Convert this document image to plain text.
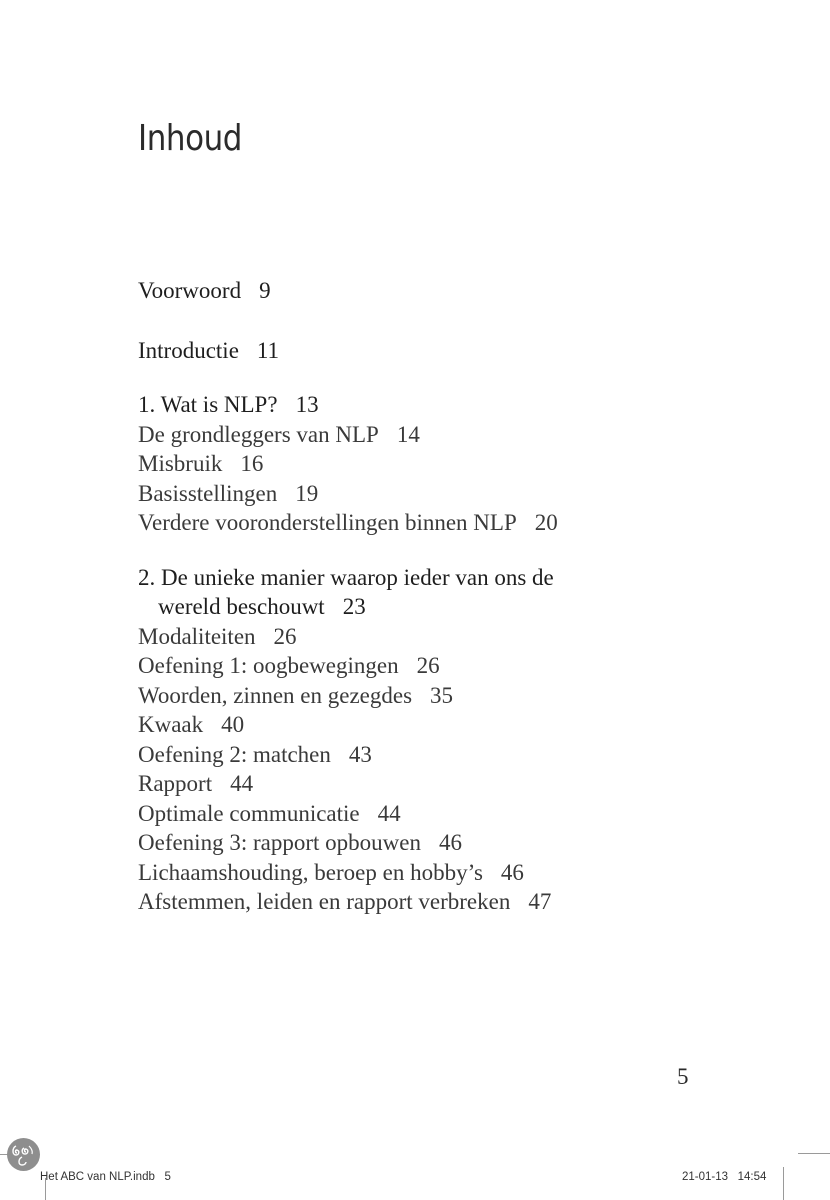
Inhoud
Voorwoord 9
Introductie 11
1. Wat is NLP? 13
De grondleggers van NLP 14
Misbruik 16
Basisstellingen 19
Verdere vooronderstellingen binnen NLP 20
2. De unieke manier waarop ieder van ons de
wereld beschouwt 23
Modaliteiten 26
Oefening 1: oogbewegingen 26
Woorden, zinnen en gezegdes 35
Kwaak 40
Oefening 2: matchen 43
Rapport 44
Optimale communicatie 44
Oefening 3: rapport opbouwen 46
Lichaamshouding, beroep en hobby’s 46
Afstemmen, leiden en rapport verbreken 47
5
Het ABC van NLP.indb   5	21-01-13   14:54
